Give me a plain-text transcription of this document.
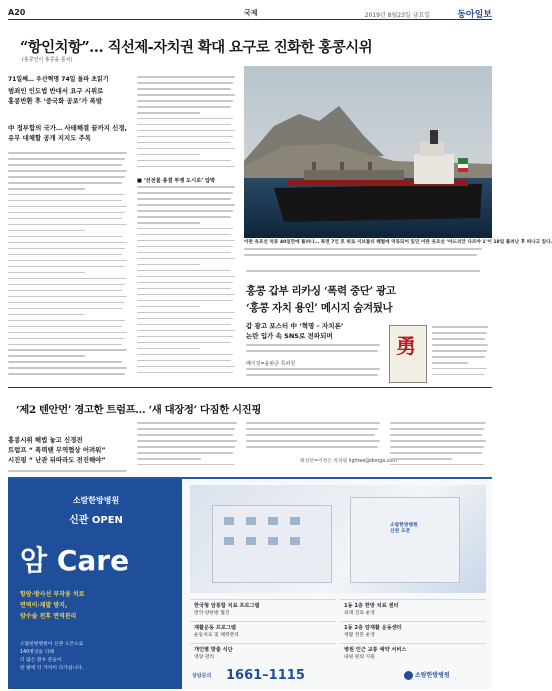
A20	국제	2019년 8월23일 금요일	동아일보
“항인치항”… 직선제-자치권 확대 요구로 진화한 홍콩시위
(홍콩인이 홍콩을 통치)
71일째… 우산혁명 74일 돌파 초읽기
범죄인 인도법 반대서 요구 시위로
홍콩반환 후 ‘중국화 공포’가 폭발
中 정부합의 국가… 사태해결 끝까지 신경, 유무 대체할 공개 지지도 주목
■ ‘선전물 종결 투쟁 도시로’ 압박
이란 유조선 억류 40일만에 풀려나… 목면 7인 호 위로 지브롤터 해협에 억류되어 있던 이란 유조선 ‘아드리안 다르야 1’이 18일 풀려난 후 떠나고 있다.
홍콩 갑부 리카싱 ‘폭력 중단’ 광고
‘홍콩 자치 용인’ 메시지 숨겨뒀나
갑 광고 포스터 中 ‘혁명 – 자치론’
논란 입가 속 SNS로 전파되며	勇
베이징=윤완준 특파원
‘제2 텐안먼’ 경고한 트럼프… ‘새 대장정’ 다짐한 시진핑
홍콩시위 해법 놓고 신경전
트럼프 “ 폭력땐 무역협상 어려워”
시진핑 “ 난관 뒤따라도 전진해야”	워싱턴=이정은 특파원 lightee@donga.com
소람한방병원
신관 OPEN
암 Care
항암·방사선 부작용 치료
면역이·재발 방지,
암수술 전후 면역관리
소람한방병원이 신관 오픈으로
140병상을 더해
더 많은 환우 분들이
한 발에 더 가까이 다가섭니다.
소람한방병원
신관 오픈
한국형 암통합 치료 프로그램
면역·양한방 협진
1동 1층 한방 치료 센터
외래 진료 운영
재활운동 프로그램
운동치료 및 체력관리
1동 2층 암재활 운동센터
재활 전문 운영
개인별 맞춤 식단
영양 관리
병원 인근 교통 예약 서비스
내원 편의 지원
상담문의 1661–1115	소람한방병원
